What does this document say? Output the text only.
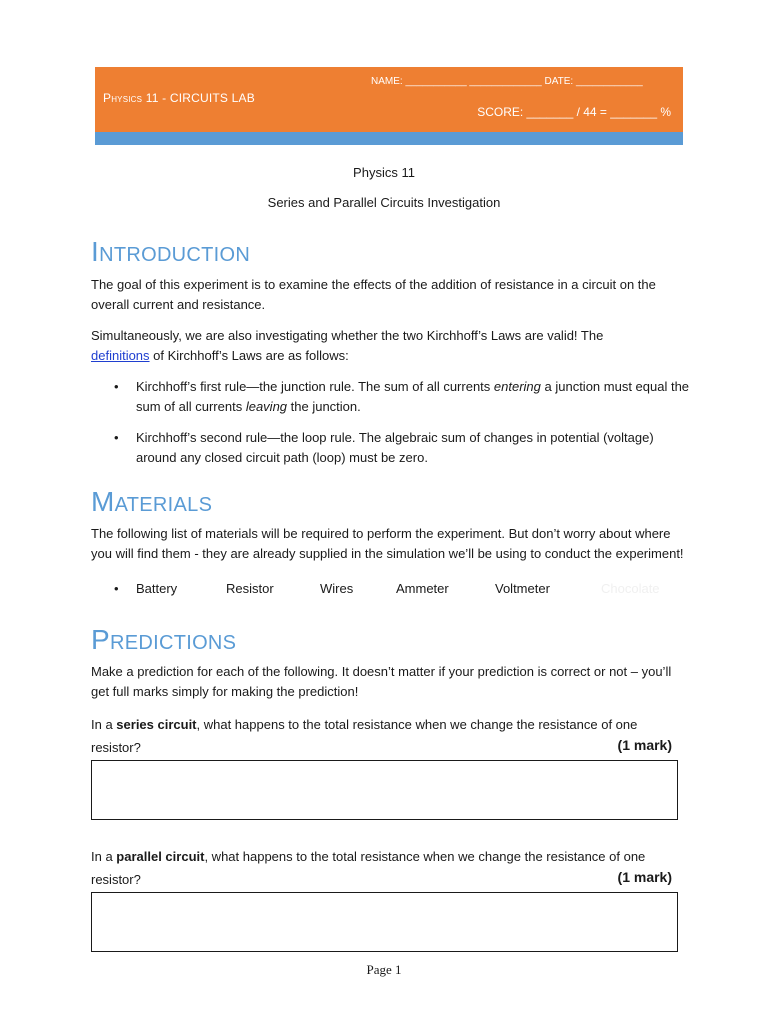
Physics 11 - CIRCUITS LAB
NAME: ___________ _____________ DATE: ____________
SCORE: _______ / 44 = _______ %
Physics 11
Series and Parallel Circuits Investigation
Introduction

The goal of this experiment is to examine the effects of the addition of resistance in a circuit on the overall current and resistance.

Simultaneously, we are also investigating whether the two Kirchhoff’s Laws are valid! The
definitions of Kirchhoff’s Laws are as follows:

• Kirchhoff’s first rule—the junction rule. The sum of all currents entering a junction must equal the sum of all currents leaving the junction.

• Kirchhoff’s second rule—the loop rule. The algebraic sum of changes in potential (voltage) around any closed circuit path (loop) must be zero.

Materials

The following list of materials will be required to perform the experiment. But don’t worry about where you will find them - they are already supplied in the simulation we’ll be using to conduct the experiment!

• Battery	Resistor	Wires	Ammeter	Voltmeter	Chocolate
Predictions

Make a prediction for each of the following. It doesn’t matter if your prediction is correct or not – you’ll get full marks simply for making the prediction!

In a series circuit, what happens to the total resistance when we change the resistance of one resistor?	(1 mark)

In a parallel circuit, what happens to the total resistance when we change the resistance of one resistor?	(1 mark)
Page 1
